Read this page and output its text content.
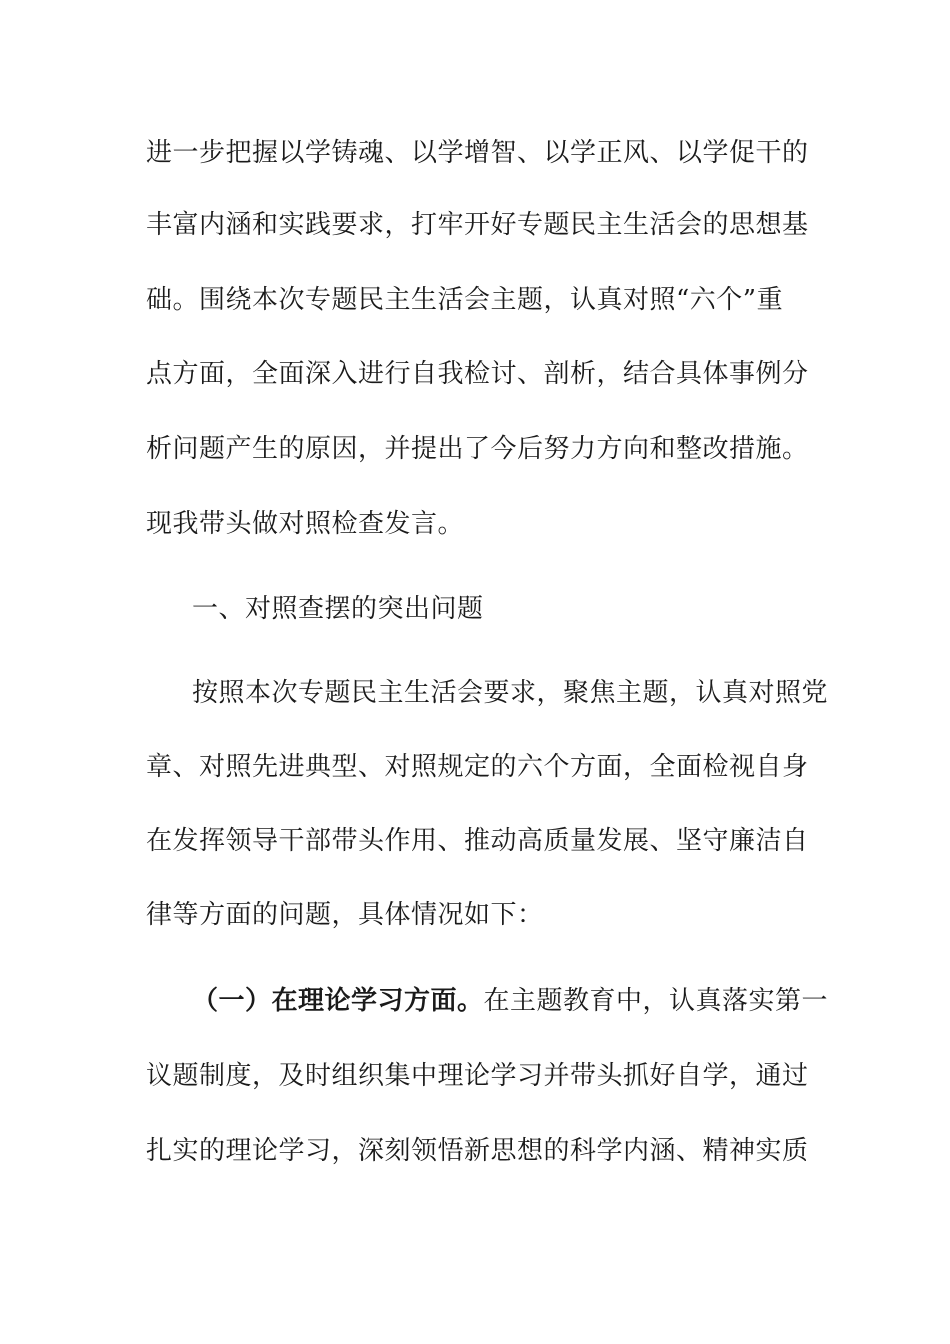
进一步把握以学铸魂、以学增智、以学正风、以学促干的
丰富内涵和实践要求，打牢开好专题民主生活会的思想基
础。围绕本次专题民主生活会主题，认真对照“六个”重
点方面，全面深入进行自我检讨、剖析，结合具体事例分
析问题产生的原因，并提出了今后努力方向和整改措施。
现我带头做对照检查发言。
一、对照查摆的突出问题
按照本次专题民主生活会要求，聚焦主题，认真对照党
章、对照先进典型、对照规定的六个方面，全面检视自身
在发挥领导干部带头作用、推动高质量发展、坚守廉洁自
律等方面的问题，具体情况如下：
（一）在理论学习方面。在主题教育中，认真落实第一
议题制度，及时组织集中理论学习并带头抓好自学，通过
扎实的理论学习，深刻领悟新思想的科学内涵、精神实质
